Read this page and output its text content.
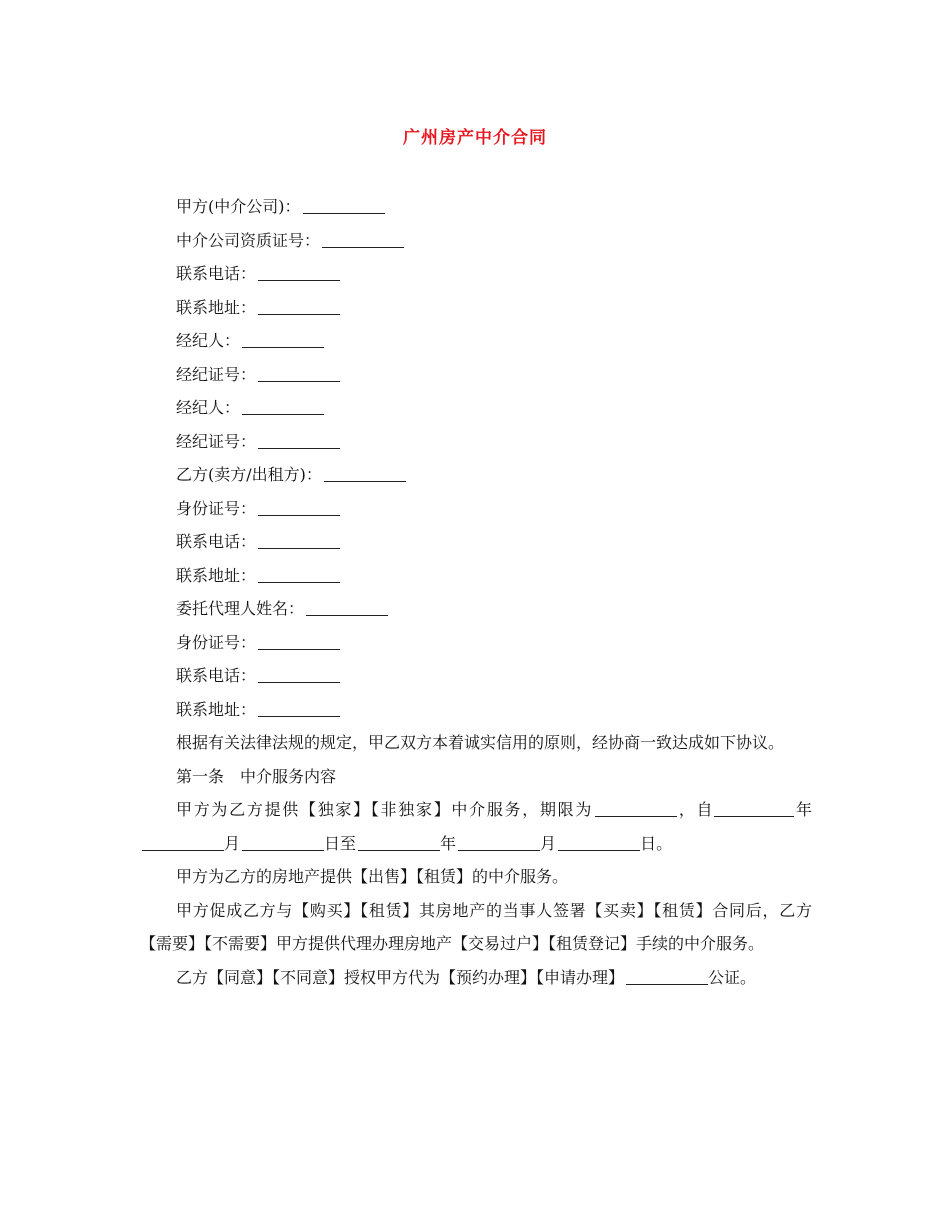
广州房产中介合同
甲方(中介公司)：
中介公司资质证号：
联系电话：
联系地址：
经纪人：
经纪证号：
经纪人：
经纪证号：
乙方(卖方/出租方)：
身份证号：
联系电话：
联系地址：
委托代理人姓名：
身份证号：
联系电话：
联系地址：

根据有关法律法规的规定，甲乙双方本着诚实信用的原则，经协商一致达成如下协议。

第一条　中介服务内容

甲方为乙方提供【独家】【非独家】中介服务，期限为	，自	年月	日至	年	月	日。

甲方为乙方的房地产提供【出售】【租赁】的中介服务。

甲方促成乙方与【购买】【租赁】其房地产的当事人签署【买卖】【租赁】合同后，乙方【需要】【不需要】甲方提供代理办理房地产【交易过户】【租赁登记】手续的中介服务。

乙方【同意】【不同意】授权甲方代为【预约办理】【申请办理】	公证。
